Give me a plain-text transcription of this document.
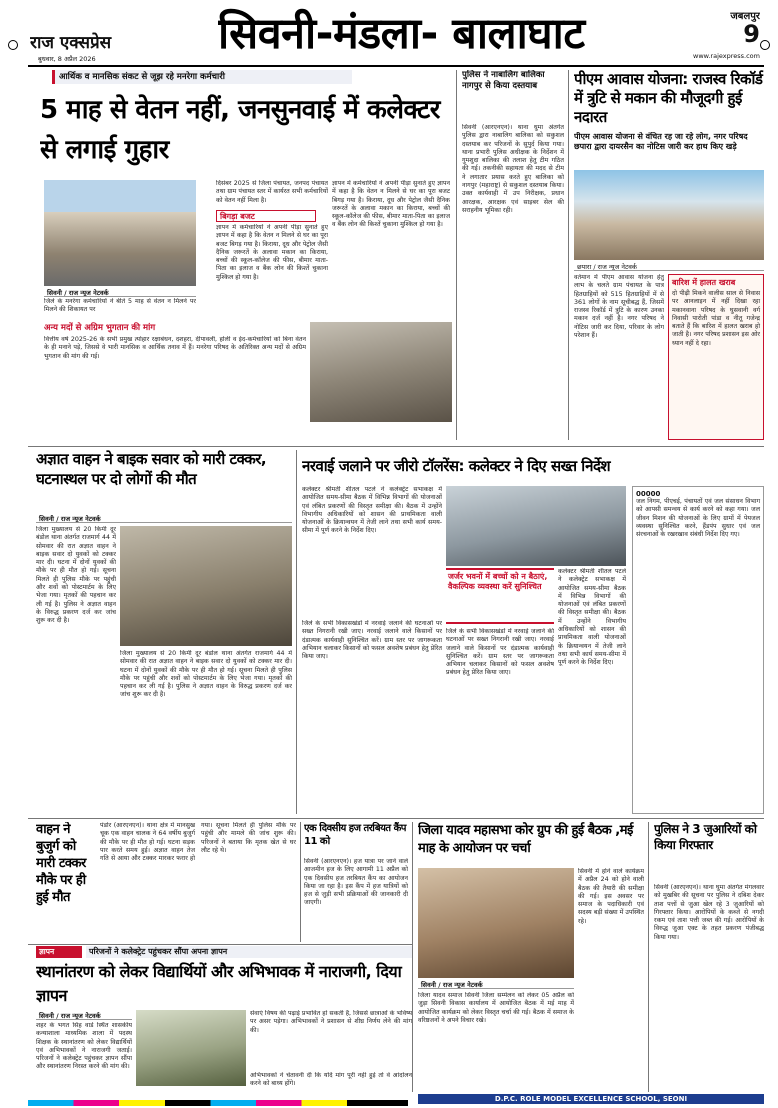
राज एक्सप्रेस
बुधवार, 8 अप्रैल 2026	सिवनी-मंडला- बालाघाट	जबलपुर
9
www.rajexpress.com
आर्थिक व मानसिक संकट से जूझ रहे मनरेगा कर्मचारी
5 माह से वेतन नहीं, जनसुनवाई में कलेक्टर से लगाई गुहार
सिवनी / राज न्यूज नेटवर्क
जिले के मनरेगा कर्मचारियों ने बीते 5 माह से वेतन न मिलने पर मिलने की शिकायत पर
दिसंबर 2025 से जिला पंचायत, जनपद पंचायत तथा ग्राम पंचायत स्तर में कार्यरत सभी कर्मचारियों को वेतन नहीं मिला है।
बिगड़ा बजट
ज्ञापन में कर्मचारियों ने अपनी पीड़ा सुनाते हुए ज्ञापन में कहा है कि वेतन न मिलने से घर का पूरा बजट बिगड़ गया है। किराया, दूध और पेट्रोल जैसी दैनिक जरूरतें के अलावा मकान का किराया, बच्चों की स्कूल-कॉलेज की फीस, बीमार माता-पिता का इलाज व बैंक लोन की किश्तें चुकाना मुश्किल हो गया है।
ज्ञापन में कर्मचारियों ने अपनी पीड़ा सुनाते हुए ज्ञापन में कहा है कि वेतन न मिलने से घर का पूरा बजट बिगड़ गया है। किराया, दूध और पेट्रोल जैसी दैनिक जरूरतें के अलावा मकान का किराया, बच्चों की स्कूल-कॉलेज की फीस, बीमार माता-पिता का इलाज व बैंक लोन की किश्तें चुकाना मुश्किल हो गया है।
अन्य मदों से अग्रिम भुगतान की मांग
वित्तीय वर्ष 2025-26 के सभी प्रमुख त्योहार रक्षाबंधन, दशहरा, दीपावली, होली व ईद-कर्मचारियों को बिना वेतन के ही मनाने पड़े, जिससे वे भारी मानसिक व आर्थिक तनाव में हैं। मनरेगा परिषद के अतिरिक्त अन्य मदों से अग्रिम भुगतान की मांग की गई।
पुलिस ने नाबालिग बालिका नागपुर से किया दस्तयाब
सिवनी (आरएनएन)। थाना धुमा अंतर्गत पुलिस द्वारा नाबालिग बालिका को सकुशल दस्तयाब कर परिजनों के सुपुर्द किया गया। थाना प्रभारी पुलिस अधीक्षक के निर्देशन में गुमशुदा बालिका की तलाश हेतु टीम गठित की गई। तकनीकी सहायता की मदद से टीम ने लगातार प्रयास करते हुए बालिका को नागपुर (महाराष्ट्र) से सकुशल दस्तयाब किया। उक्त कार्यवाही में उप निरीक्षक, प्रधान आरक्षक, आरक्षक एवं साइबर सेल की सराहनीय भूमिका रही।
पीएम आवास योजना: राजस्व रिकॉर्ड में त्रुटि से मकान की मौजूदगी हुई नदारत
पीएम आवास योजना से वंचित रह जा रहे लोग, नगर परिषद छपारा द्वारा दायरसैन का नोटिस जारी कर हाथ किए खड़े
छपारा / राज न्यूज नेटवर्क
वर्तमान में पीएम आवास योजना हेतु लाभ के चलते ग्राम पंचायत के पात्र हितग्राहियों को 515 हितग्राहियों में से 361 लोगों के नाम सूचीबद्ध हैं, जिसमें राजस्व रिकॉर्ड में त्रुटि के कारण उनका मकान दर्ज नहीं है। नगर परिषद ने नोटिस जारी कर दिया, परिवार के लोग परेशान हैं।
बारिश में हालत खराब
दो पीढ़ी मिकने वालीस साल से निवास पर आनलाइन में नहीं दिखा रहा मकानवाना परिषद के घुसवानी वर्ग निवासी पारोती पांडा व नीतू गजेन्द्र बताते हैं कि बारिश में हालत खराब हो जाती है। नगर परिषद प्रशासन इस ओर ध्यान नहीं दे रहा।
अज्ञात वाहन ने बाइक सवार को मारी टक्कर, घटनास्थल पर दो लोगों की मौत
सिवनी / राज न्यूज नेटवर्क
जिला मुख्यालय से 20 किमी दूर बंडोल थाना अंतर्गत राजमार्ग 44 में सोमवार की रात अज्ञात वाहन ने बाइक सवार दो युवकों को टक्कर मार दी। घटना में दोनों युवकों की मौके पर ही मौत हो गई। सूचना मिलते ही पुलिस मौके पर पहुंची और शवों को पोस्टमार्टम के लिए भेजा गया। मृतकों की पहचान कर ली गई है। पुलिस ने अज्ञात वाहन के विरुद्ध प्रकरण दर्ज कर जांच शुरू कर दी है।
जिला मुख्यालय से 20 किमी दूर बंडोल थाना अंतर्गत राजमार्ग 44 में सोमवार की रात अज्ञात वाहन ने बाइक सवार दो युवकों को टक्कर मार दी। घटना में दोनों युवकों की मौके पर ही मौत हो गई। सूचना मिलते ही पुलिस मौके पर पहुंची और शवों को पोस्टमार्टम के लिए भेजा गया। मृतकों की पहचान कर ली गई है। पुलिस ने अज्ञात वाहन के विरुद्ध प्रकरण दर्ज कर जांच शुरू कर दी है।
नरवाई जलाने पर जीरो टॉलरेंस: कलेक्टर ने दिए सख्त निर्देश
कलेक्टर श्रीमती शीतल पटले ने कलेक्ट्रेट सभाकक्ष में आयोजित समय-सीमा बैठक में विभिन्न विभागों की योजनाओं एवं लंबित प्रकरणों की विस्तृत समीक्षा की। बैठक में उन्होंने विभागीय अधिकारियों को शासन की प्राथमिकता वाली योजनाओं के क्रियान्वयन में तेजी लाने तथा सभी कार्य समय-सीमा में पूर्ण करने के निर्देश दिए।
जिले के सभी विकासखंडों में नरवाई जलाने की घटनाओं पर सख्त निगरानी रखी जाए। नरवाई जलाने वाले किसानों पर दंडात्मक कार्यवाही सुनिश्चित करें। ग्राम स्तर पर जागरूकता अभियान चलाकर किसानों को फसल अवशेष प्रबंधन हेतु प्रेरित किया जाए।
जर्जर भवनों में बच्चों को न बैठाएं, वैकल्पिक व्यवस्था करें सुनिश्चित
जिले के सभी विकासखंडों में नरवाई जलाने की घटनाओं पर सख्त निगरानी रखी जाए। नरवाई जलाने वाले किसानों पर दंडात्मक कार्यवाही सुनिश्चित करें। ग्राम स्तर पर जागरूकता अभियान चलाकर किसानों को फसल अवशेष प्रबंधन हेतु प्रेरित किया जाए।
कलेक्टर श्रीमती शीतल पटले ने कलेक्ट्रेट सभाकक्ष में आयोजित समय-सीमा बैठक में विभिन्न विभागों की योजनाओं एवं लंबित प्रकरणों की विस्तृत समीक्षा की। बैठक में उन्होंने विभागीय अधिकारियों को शासन की प्राथमिकता वाली योजनाओं के क्रियान्वयन में तेजी लाने तथा सभी कार्य समय-सीमा में पूर्ण करने के निर्देश दिए।
00000
जल निगम, पीएचई, पंचायतों एवं जल संसाधन विभाग को आपसी समन्वय से कार्य करने को कहा गया। जल जीवन मिशन की योजनाओं के लिए ग्रामों में पेयजल व्यवस्था सुनिश्चित करने, हैंडपंप सुधार एवं जल संरचनाओं के रखरखाव संबंधी निर्देश दिए गए।
वाहन ने बुजुर्ग को मारी टक्कर मौके पर ही हुई मौत
पंडोर (आरएनएन)। थाना क्षेत्र में मानसुख चूक एक वाहन चालक ने 64 वर्षीय बुजुर्ग की मौके पर ही मौत हो गई। घटना सड़क पार करते समय हुई। अज्ञात वाहन तेज गति से आया और टक्कर मारकर फरार हो गया। सूचना मिलते ही पुलिस मौके पर पहुंची और मामले की जांच शुरू की। परिजनों ने बताया कि मृतक खेत से घर लौट रहे थे।
एक दिवसीय हज तरबियत कैंप 11 को
सिवनी (आरएनएन)। हज यात्रा पर जाने वाले आजमीन हज के लिए आगामी 11 अप्रैल को एक दिवसीय हज तरबियत कैंप का आयोजन किया जा रहा है। इस कैंप में हज यात्रियों को हज से जुड़ी सभी प्रक्रियाओं की जानकारी दी जाएगी।
जिला यादव महासभा कोर ग्रुप की हुई बैठक ,मई माह के आयोजन पर चर्चा
सिवनी / राज न्यूज नेटवर्क
जिला यादव समाज सिवनी जिला सम्मेलन को लेकर 05 अप्रैल को जुड़ा सिवनी विकास कार्यालय में आयोजित बैठक में मई माह में आयोजित कार्यक्रम को लेकर विस्तृत चर्चा की गई। बैठक में समाज के वरिष्ठजनों ने अपने विचार रखे।
सिवनी में होने वाले कार्यक्रम में अप्रैल 24 को होने वाली बैठक की तैयारी की समीक्षा की गई। इस अवसर पर समाज के पदाधिकारी एवं सदस्य बड़ी संख्या में उपस्थित रहे।
पुलिस ने 3 जुआरियों को किया गिरफ्तार
सिवनी (आरएनएन)। थाना घुमा अंतर्गत मंगलवार को मुखबिर की सूचना पर पुलिस ने दबिश देकर ताश पत्तों से जुआ खेल रहे 3 जुआरियों को गिरफ्तार किया। आरोपियों के कब्जे से नगदी रकम एवं ताश पत्ती जब्त की गई। आरोपियों के विरुद्ध जुआ एक्ट के तहत प्रकरण पंजीबद्ध किया गया।
ज्ञापन	परिजनों ने कलेक्ट्रेट पहुंचकर सौंपा अपना ज्ञापन
स्थानांतरण को लेकर विद्यार्थियों और अभिभावक में नाराजगी, दिया ज्ञापन
सिवनी / राज न्यूज नेटवर्क
शहर के भगत सिंह वार्ड स्थित शासकीय कन्याशाला माध्यमिक शाला में पदस्थ शिक्षक के स्थानांतरण को लेकर विद्यार्थियों एवं अभिभावकों ने नाराजगी जताई। परिजनों ने कलेक्ट्रेट पहुंचकर ज्ञापन सौंपा और स्थानांतरण निरस्त करने की मांग की।
सेवाएं विषय की पढ़ाई प्रभावित हो सकती है, जिससे छात्राओं के भविष्य पर असर पड़ेगा। अभिभावकों ने प्रशासन से शीघ्र निर्णय लेने की मांग की।
अभिभावकों ने चेतावनी दी कि यदि मांग पूरी नहीं हुई तो वे आंदोलन करने को बाध्य होंगे।
D.P.C. ROLE MODEL EXCELLENCE SCHOOL, SEONI
